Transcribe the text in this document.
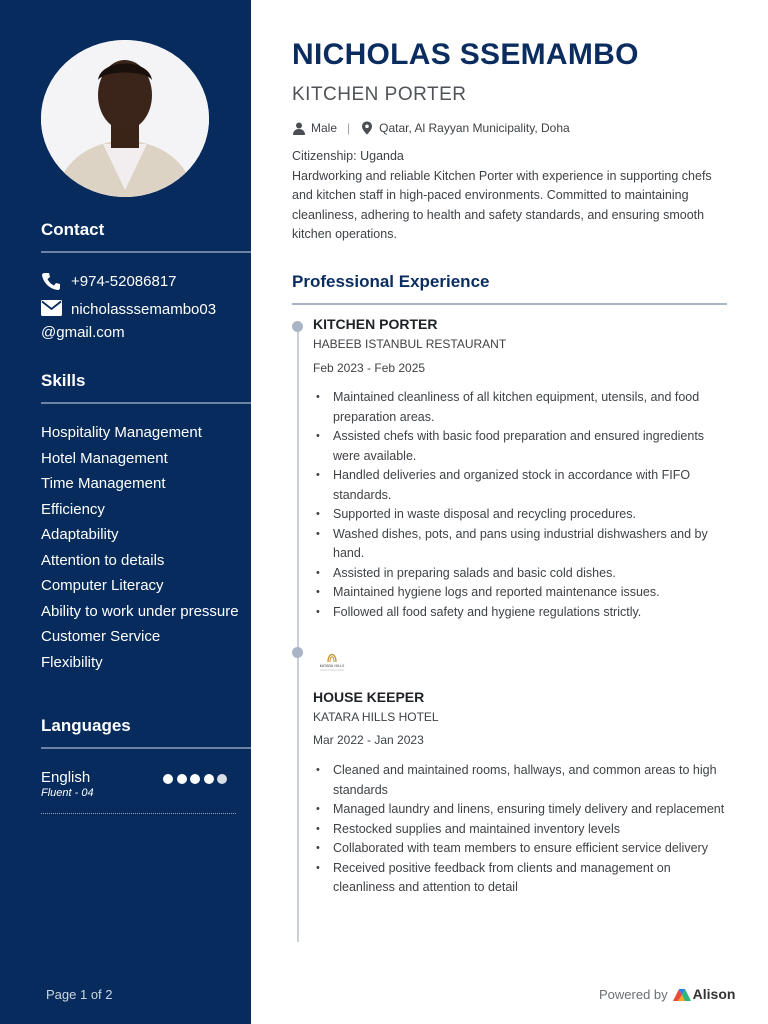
Contact
+974-52086817
nicholasssemambo03
@gmail.com
Skills
Hospitality Management
Hotel Management
Time Management
Efficiency
Adaptability
Attention to details
Computer Literacy
Ability to work under pressure
Customer Service
Flexibility
Languages
English
Fluent - 04
Page 1 of 2
NICHOLAS SSEMAMBO
KITCHEN PORTER
Male | Qatar, Al Rayyan Municipality, Doha
Citizenship: Uganda
Hardworking and reliable Kitchen Porter with experience in supporting chefs and kitchen staff in high-paced environments. Committed to maintaining cleanliness, adhering to health and safety standards, and ensuring smooth kitchen operations.
Professional Experience
KITCHEN PORTER
HABEEB ISTANBUL RESTAURANT
Feb 2023 - Feb 2025
• Maintained cleanliness of all kitchen equipment, utensils, and food preparation areas.
• Assisted chefs with basic food preparation and ensured ingredients were available.
• Handled deliveries and organized stock in accordance with FIFO standards.
• Supported in waste disposal and recycling procedures.
• Washed dishes, pots, and pans using industrial dishwashers and by hand.
• Assisted in preparing salads and basic cold dishes.
• Maintained hygiene logs and reported maintenance issues.
• Followed all food safety and hygiene regulations strictly.
KATARA HILLS
HOUSE KEEPER
KATARA HILLS HOTEL
Mar 2022 - Jan 2023
• Cleaned and maintained rooms, hallways, and common areas to high standards
• Managed laundry and linens, ensuring timely delivery and replacement
• Restocked supplies and maintained inventory levels
• Collaborated with team members to ensure efficient service delivery
• Received positive feedback from clients and management on cleanliness and attention to detail
Powered by Alison
